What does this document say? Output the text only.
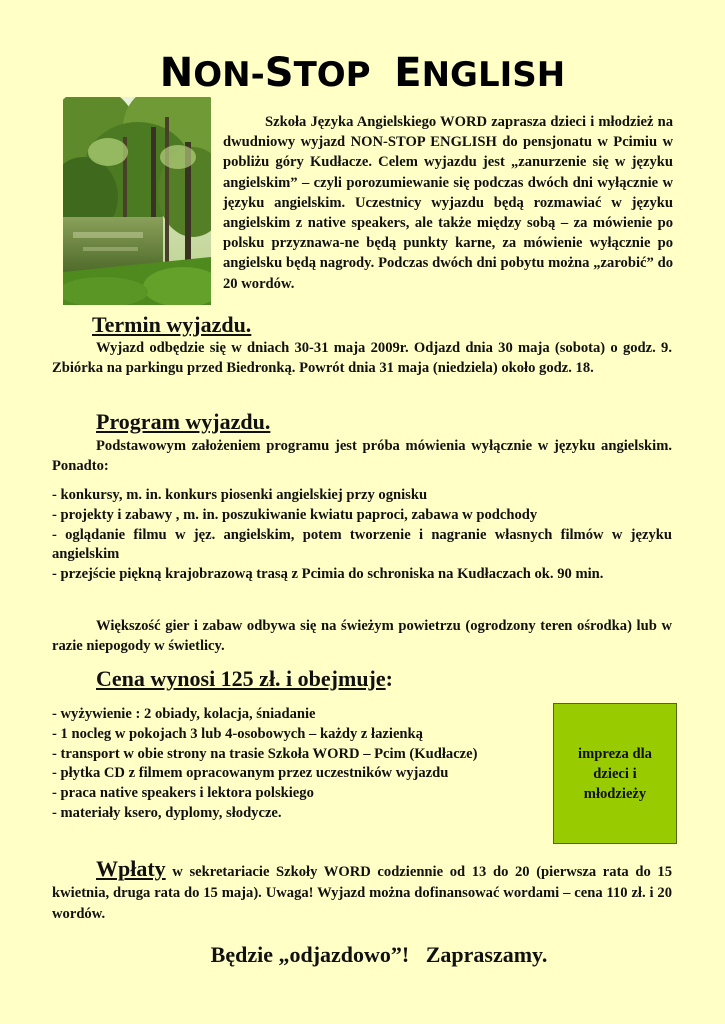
NON-STOP ENGLISH

Szkoła Języka Angielskiego WORD zaprasza dzieci i młodzież na dwudniowy wyjazd NON-STOP ENGLISH do pensjonatu w Pcimiu w pobliżu góry Kudłacze. Celem wyjazdu jest „zanurzenie się w języku angielskim” – czyli porozumiewanie się podczas dwóch dni wyłącznie w języku angielskim. Uczestnicy wyjazdu będą rozmawiać w języku angielskim z native speakers, ale także między sobą – za mówienie po polsku przyznawa-ne będą punkty karne, za mówienie wyłącznie po angielsku będą nagrody. Podczas dwóch dni pobytu można „zarobić” do 20 wordów.

Termin wyjazdu.

Wyjazd odbędzie się w dniach 30-31 maja 2009r. Odjazd dnia 30 maja (sobota) o godz. 9. Zbiórka na parkingu przed Biedronką. Powrót dnia 31 maja (niedziela) około godz. 18.

Program wyjazdu.

Podstawowym założeniem programu jest próba mówienia wyłącznie w języku angielskim. Ponadto:

- konkursy, m. in. konkurs piosenki angielskiej przy ognisku
- projekty i zabawy , m. in. poszukiwanie kwiatu paproci, zabawa w podchody
- oglądanie filmu w jęz. angielskim, potem tworzenie i nagranie własnych filmów w języku angielskim
- przejście piękną krajobrazową trasą z Pcimia do schroniska na Kudłaczach ok. 90 min.

Większość gier i zabaw odbywa się na świeżym powietrzu (ogrodzony teren ośrodka) lub w razie niepogody w świetlicy.

Cena wynosi 125 zł. i obejmuje:
- wyżywienie : 2 obiady, kolacja, śniadanie
- 1 nocleg w pokojach 3 lub 4-osobowych – każdy z łazienką
- transport w obie strony na trasie Szkoła WORD – Pcim (Kudłacze)
- płytka CD z filmem opracowanym przez uczestników wyjazdu
- praca native speakers i lektora polskiego
- materiały ksero, dyplomy, słodycze.
impreza dla
dzieci i
młodzieży

Wpłaty w sekretariacie Szkoły WORD codziennie od 13 do 20 (pierwsza rata do 15 kwietnia, druga rata do 15 maja). Uwaga! Wyjazd można dofinansować wordami – cena 110 zł. i 20 wordów.

Będzie „odjazdowo”! Zapraszamy.
